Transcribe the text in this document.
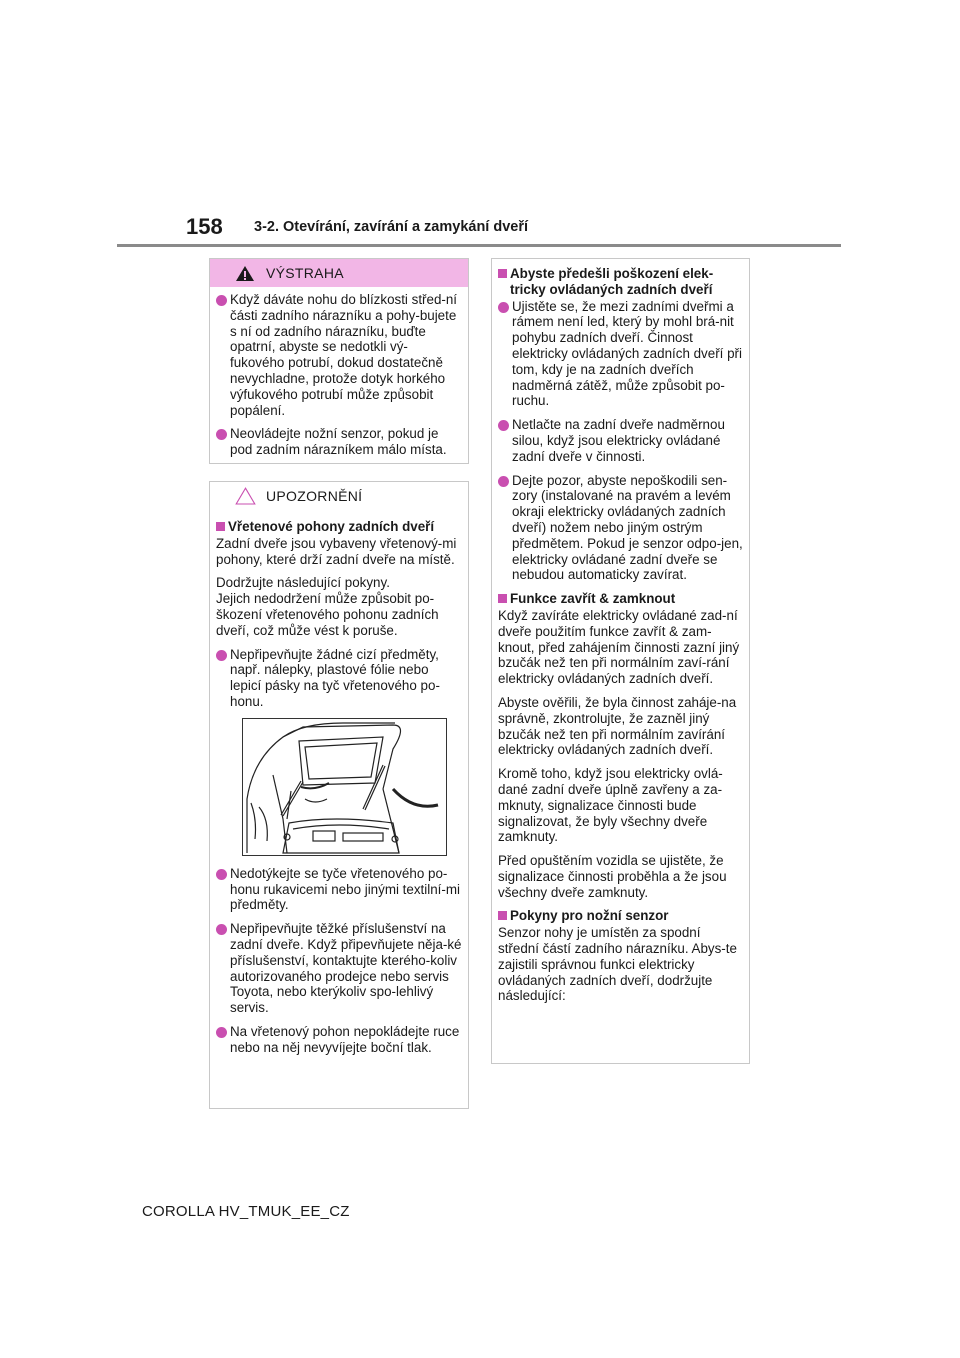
158 3-2. Otevírání, zavírání a zamykání dveří
VÝSTRAHA
Když dáváte nohu do blízkosti střed-ní části zadního nárazníku a pohy-bujete s ní od zadního nárazníku, buďte opatrní, abyste se nedotkli vý-fukového potrubí, dokud dostatečně nevychladne, protože dotyk horkého výfukového potrubí může způsobit popálení.
Neovládejte nožní senzor, pokud je pod zadním nárazníkem málo místa.
UPOZORNĚNÍ
Vřetenové pohony zadních dveří
Zadní dveře jsou vybaveny vřetenový-mi pohony, které drží zadní dveře na místě.
Dodržujte následující pokyny.
Jejich nedodržení může způsobit po-škození vřetenového pohonu zadních dveří, což může vést k poruše.
Nepřipevňujte žádné cizí předměty, např. nálepky, plastové fólie nebo lepicí pásky na tyč vřetenového po-honu.
Nedotýkejte se tyče vřetenového po-honu rukavicemi nebo jinými textilní-mi předměty.
Nepřipevňujte těžké příslušenství na zadní dveře. Když připevňujete něja-ké příslušenství, kontaktujte kterého-koliv autorizovaného prodejce nebo servis Toyota, nebo kterýkoliv spo-lehlivý servis.
Na vřetenový pohon nepokládejte ruce nebo na něj nevyvíjejte boční tlak.
Abyste předešli poškození elek-tricky ovládaných zadních dveří
Ujistěte se, že mezi zadními dveřmi a rámem není led, který by mohl brá-nit pohybu zadních dveří. Činnost elektricky ovládaných zadních dveří při tom, kdy je na zadních dveřích nadměrná zátěž, může způsobit po-ruchu.
Netlačte na zadní dveře nadměrnou silou, když jsou elektricky ovládané zadní dveře v činnosti.
Dejte pozor, abyste nepoškodili sen-zory (instalované na pravém a levém okraji elektricky ovládaných zadních dveří) nožem nebo jiným ostrým předmětem. Pokud je senzor odpo-jen, elektricky ovládané zadní dveře se nebudou automaticky zavírat.
Funkce zavřít & zamknout
Když zavíráte elektricky ovládané zad-ní dveře použitím funkce zavřít & zam-knout, před zahájením činnosti zazní jiný bzučák než ten při normálním zaví-rání elektricky ovládaných zadních dveří.
Abyste ověřili, že byla činnost zaháje-na správně, zkontrolujte, že zazněl jiný bzučák než ten při normálním zavírání elektricky ovládaných zadních dveří.
Kromě toho, když jsou elektricky ovlá-dané zadní dveře úplně zavřeny a za-mknuty, signalizace činnosti bude signalizovat, že byly všechny dveře zamknuty.
Před opuštěním vozidla se ujistěte, že signalizace činnosti proběhla a že jsou všechny dveře zamknuty.
Pokyny pro nožní senzor
Senzor nohy je umístěn za spodní střední částí zadního nárazníku. Abys-te zajistili správnou funkci elektricky ovládaných zadních dveří, dodržujte následující:
COROLLA HV_TMUK_EE_CZ
